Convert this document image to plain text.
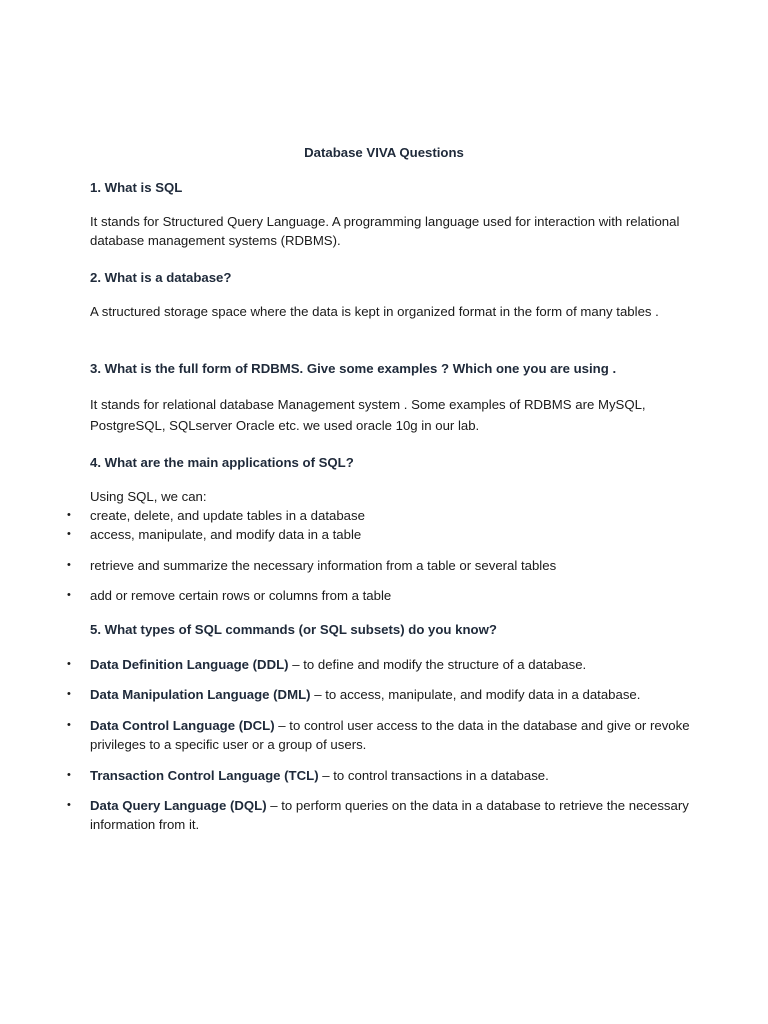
Database VIVA Questions

1. What is SQL

It stands for Structured Query Language. A programming language used for interaction with relational database management systems (RDBMS).

2. What is a database?

A structured storage space where the data is kept in organized format in the form of many tables .

3. What is the full form of RDBMS. Give some examples ? Which one you are using .

It stands for relational database Management system . Some examples of RDBMS are MySQL, PostgreSQL, SQLserver Oracle etc. we used oracle 10g in our lab.

4. What are the main applications of SQL?

Using SQL, we can:

• create, delete, and update tables in a database
• access, manipulate, and modify data in a table
• retrieve and summarize the necessary information from a table or several tables
• add or remove certain rows or columns from a table

5. What types of SQL commands (or SQL subsets) do you know?

• Data Definition Language (DDL) – to define and modify the structure of a database.
• Data Manipulation Language (DML) – to access, manipulate, and modify data in a database.
• Data Control Language (DCL) – to control user access to the data in the database and give or revoke privileges to a specific user or a group of users.
• Transaction Control Language (TCL) – to control transactions in a database.
• Data Query Language (DQL) – to perform queries on the data in a database to retrieve the necessary information from it.
